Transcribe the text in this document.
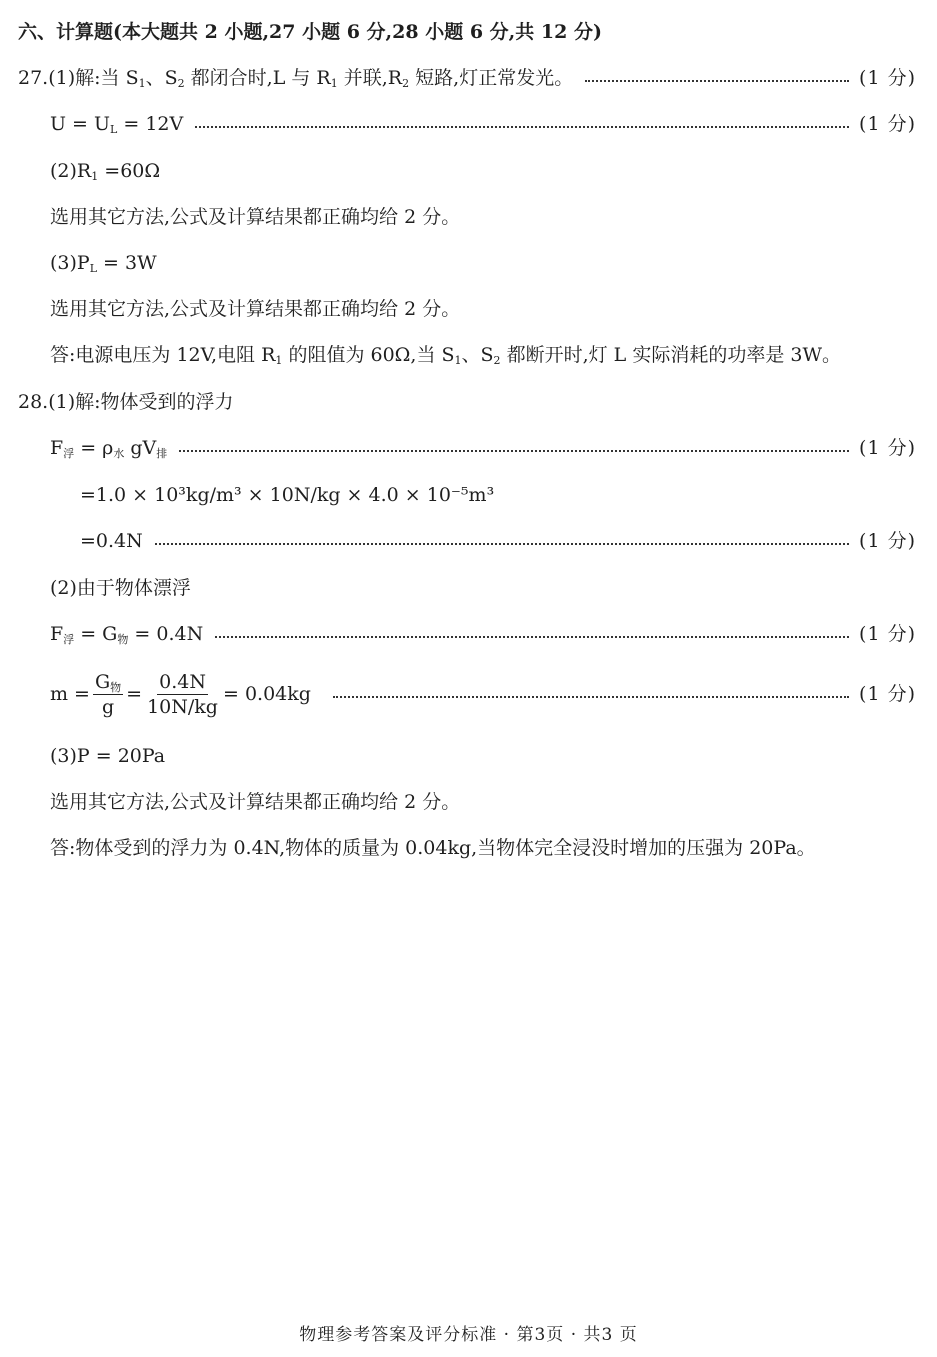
六、计算题(本大题共 2 小题,27 小题 6 分,28 小题 6 分,共 12 分)
27. (1)解:当 $S_1$、$S_2$ 都闭合时,L 与 $R_1$ 并联$,R_2$ 短路,灯正常发光。	(1 分)
$U = U_L = 12V$	(1 分)
$(2)R_1 =60\Omega$
选用其它方法,公式及计算结果都正确均给 2 分。
$(3)P_L = 3W$
选用其它方法,公式及计算结果都正确均给 2 分。
答:电源电压为 12V,电阻 $R_1$ 的阻值为 60Ω,当 $S_1$、$S_2$ 都断开时,灯 L 实际消耗的功率是 3W。
28.(1)解:物体受到的浮力
$F_浮 = \rho_水$ $gV_排$	(1 分)
=1.0 × 10³kg/m³ × 10N/kg × 4.0 × 10⁻⁵m³
=0.4N	(1 分)
(2)由于物体漂浮
$F_浮 = G_物 = 0.4N$	(1 分)
$m = \frac{G_物}{g} = \frac{0.4N}{10N/kg} = 0.04kg$	(1 分)
(3)P = 20Pa
选用其它方法,公式及计算结果都正确均给 2 分。
答:物体受到的浮力为 0.4N,物体的质量为 0.04kg,当物体完全浸没时增加的压强为 20Pa。
物理参考答案及评分标准 · 第3页 · 共3 页
